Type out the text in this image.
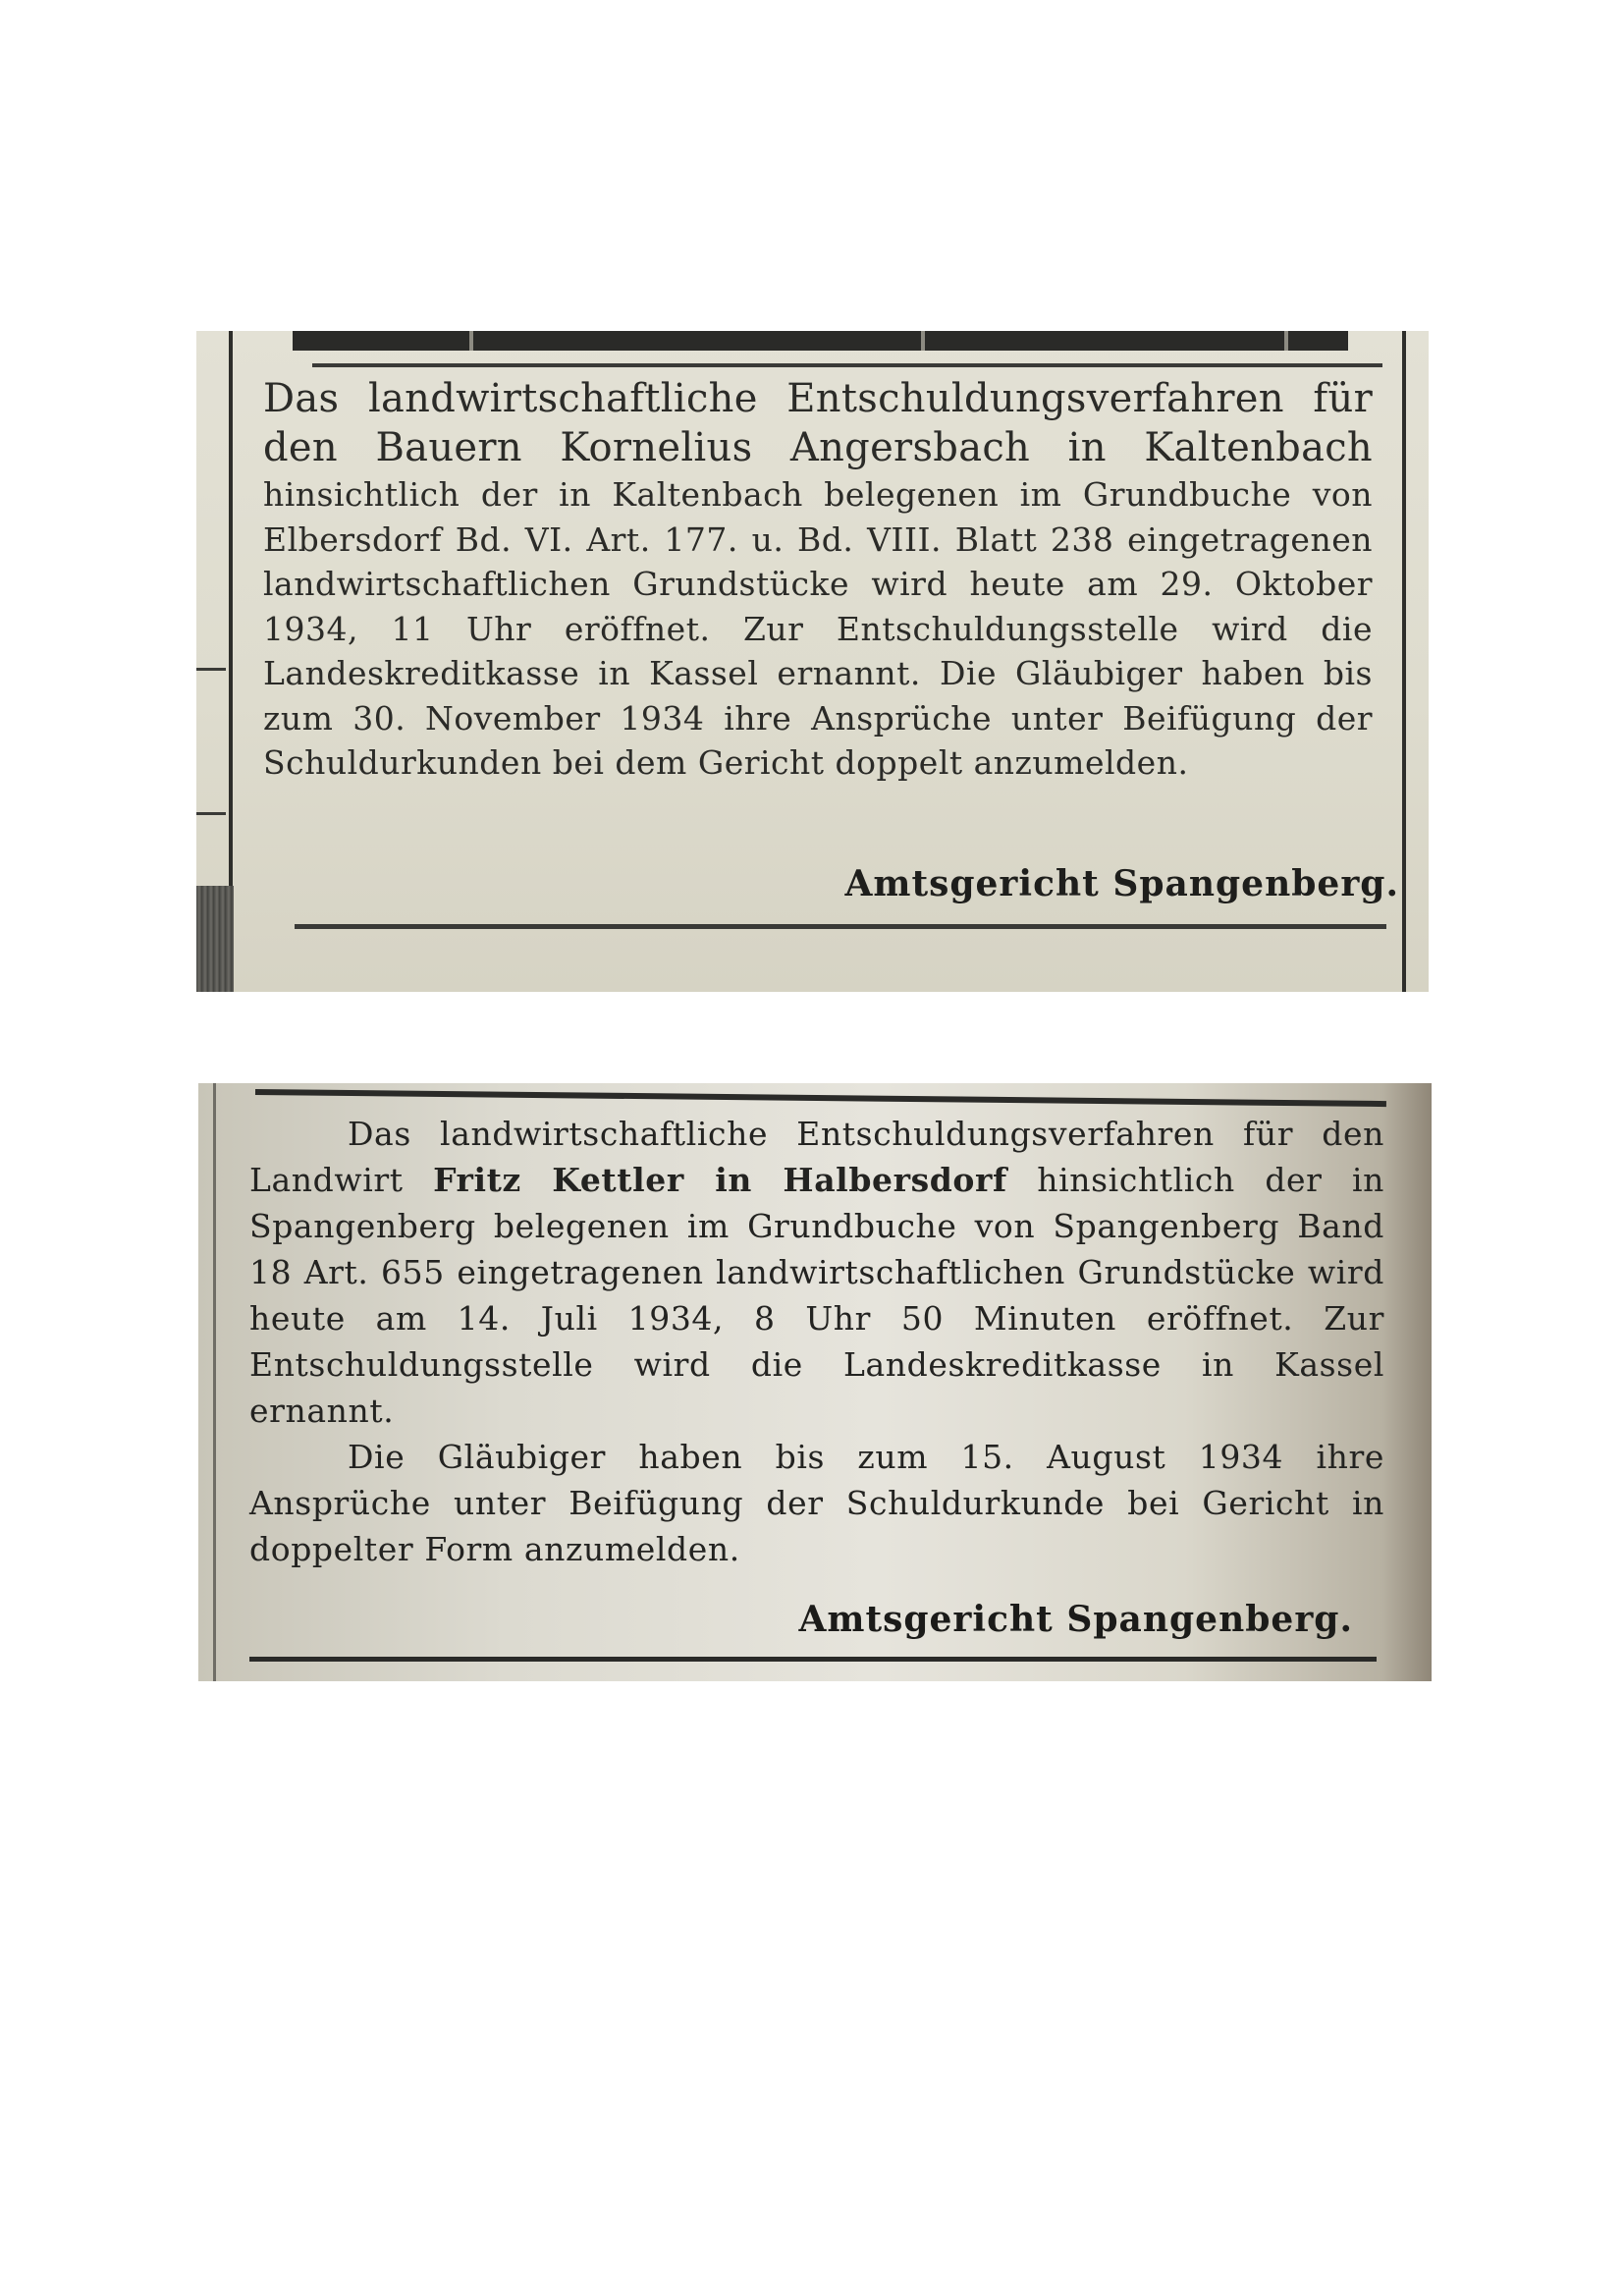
Das landwirtschaftliche Entschuldungsverfahren für den Bauern Kornelius Angersbach in Kaltenbach hinsichtlich der in Kaltenbach belegenen im Grundbuche von Elbersdorf Bd. VI. Art. 177. u. Bd. VIII. Blatt 238 eingetragenen landwirtschaftlichen Grundstücke wird heute am 29. Oktober 1934, 11 Uhr eröffnet. Zur Entschuldungsstelle wird die Landeskreditkasse in Kassel ernannt. Die Gläubiger haben bis zum 30. November 1934 ihre Ansprüche unter Beifügung der Schuldurkunden bei dem Gericht doppelt anzumelden.

Amtsgericht Spangenberg.

Das landwirtschaftliche Entschuldungsverfahren für den Landwirt Fritz Kettler in Halbersdorf hinsichtlich der in Spangenberg belegenen im Grundbuche von Spangenberg Band 18 Art. 655 eingetragenen landwirtschaftlichen Grundstücke wird heute am 14. Juli 1934, 8 Uhr 50 Minuten eröffnet. Zur Entschuldungsstelle wird die Landeskreditkasse in Kassel ernannt.
Die Gläubiger haben bis zum 15. August 1934 ihre Ansprüche unter Beifügung der Schuldurkunde bei Gericht in doppelter Form anzumelden.

Amtsgericht Spangenberg.
